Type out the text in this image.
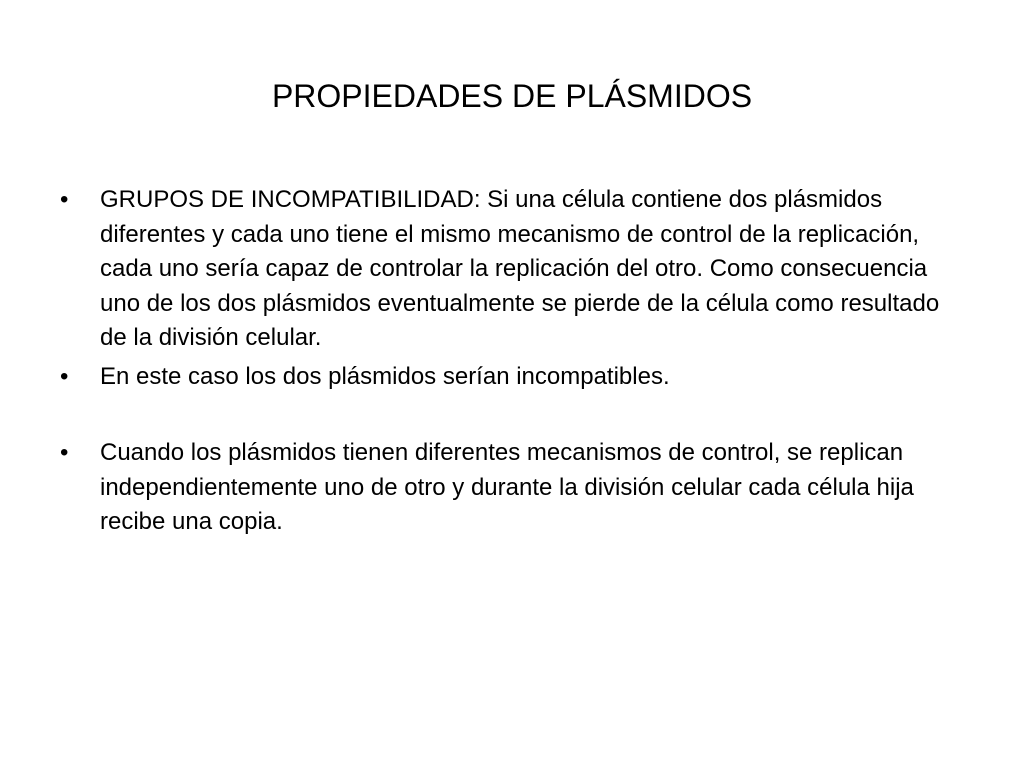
PROPIEDADES DE PLÁSMIDOS
•	GRUPOS DE INCOMPATIBILIDAD: Si una célula contiene dos plásmidos diferentes y cada uno tiene el mismo mecanismo de control de la replicación, cada uno sería capaz de controlar la replicación del otro. Como consecuencia uno de los dos plásmidos eventualmente se pierde de la célula como resultado de la división celular.
•	En este caso los dos plásmidos serían incompatibles.
•	Cuando los plásmidos tienen diferentes mecanismos de control, se replican independientemente uno de otro y durante la división celular cada célula hija recibe una copia.
